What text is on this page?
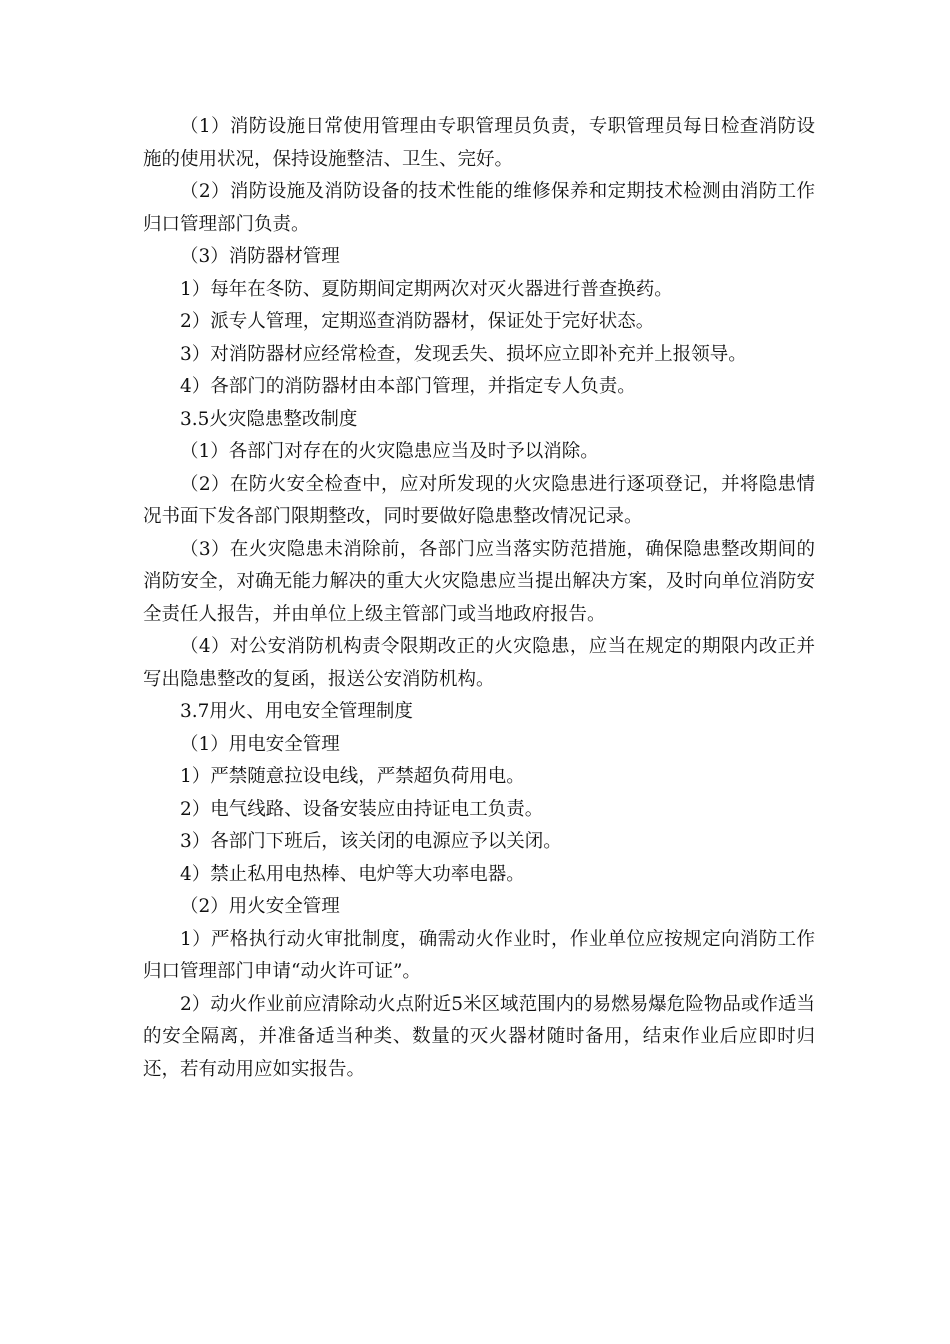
（1）消防设施日常使用管理由专职管理员负责，专职管理员每日检查消防设施的使用状况，保持设施整洁、卫生、完好。

（2）消防设施及消防设备的技术性能的维修保养和定期技术检测由消防工作归口管理部门负责。

（3）消防器材管理

1）每年在冬防、夏防期间定期两次对灭火器进行普查换药。

2）派专人管理，定期巡查消防器材，保证处于完好状态。

3）对消防器材应经常检查，发现丢失、损坏应立即补充并上报领导。

4）各部门的消防器材由本部门管理，并指定专人负责。

3.5火灾隐患整改制度

（1）各部门对存在的火灾隐患应当及时予以消除。

（2）在防火安全检查中，应对所发现的火灾隐患进行逐项登记，并将隐患情况书面下发各部门限期整改，同时要做好隐患整改情况记录。

（3）在火灾隐患未消除前，各部门应当落实防范措施，确保隐患整改期间的消防安全，对确无能力解决的重大火灾隐患应当提出解决方案，及时向单位消防安全责任人报告，并由单位上级主管部门或当地政府报告。

（4）对公安消防机构责令限期改正的火灾隐患，应当在规定的期限内改正并写出隐患整改的复函，报送公安消防机构。

3.7用火、用电安全管理制度

（1）用电安全管理

1）严禁随意拉设电线，严禁超负荷用电。

2）电气线路、设备安装应由持证电工负责。

3）各部门下班后，该关闭的电源应予以关闭。

4）禁止私用电热棒、电炉等大功率电器。

（2）用火安全管理

1）严格执行动火审批制度，确需动火作业时，作业单位应按规定向消防工作归口管理部门申请“动火许可证”。

2）动火作业前应清除动火点附近5米区域范围内的易燃易爆危险物品或作适当的安全隔离，并准备适当种类、数量的灭火器材随时备用，结束作业后应即时归还，若有动用应如实报告。
